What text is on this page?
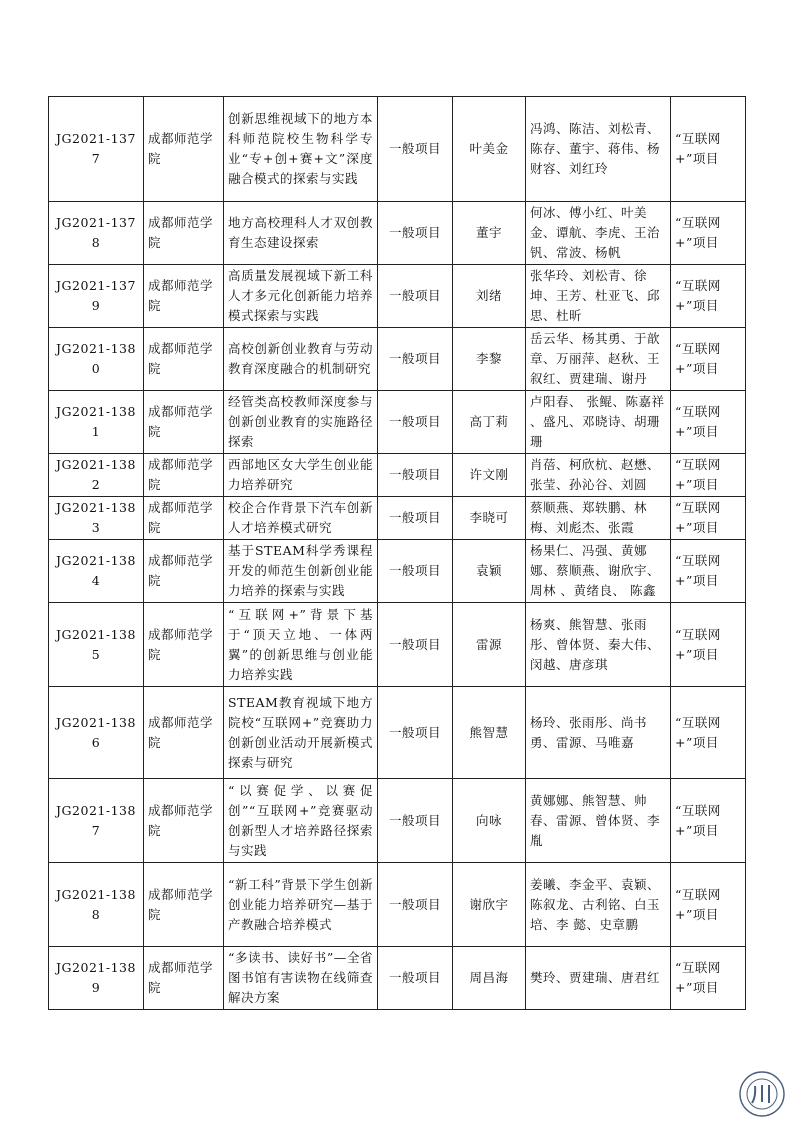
JG2021-1377	成都师范学院	创新思维视域下的地方本科师范院校生物科学专业“专+创+赛+文”深度融合模式的探索与实践	一般项目	叶美金	冯鸿、陈洁、刘松青、陈存、董宇、蒋伟、杨财容、刘红玲	“互联网+”项目
JG2021-1378	成都师范学院	地方高校理科人才双创教育生态建设探索	一般项目	董宇	何冰、傅小红、叶美金、谭航、李虎、王治钒、常波、杨帆	“互联网+”项目
JG2021-1379	成都师范学院	高质量发展视域下新工科人才多元化创新能力培养模式探索与实践	一般项目	刘绪	张华玲、刘松青、徐坤、王芳、杜亚飞、邱思、杜昕	“互联网+”项目
JG2021-1380	成都师范学院	高校创新创业教育与劳动教育深度融合的机制研究	一般项目	李黎	岳云华、杨其勇、于歆章、万丽萍、赵秋、王叙红、贾建瑞、谢丹	“互联网+”项目
JG2021-1381	成都师范学院	经管类高校教师深度参与创新创业教育的实施路径探索	一般项目	高丁莉	卢阳春、 张鲲、陈嘉祥 、盛凡、邓晓诗、胡珊珊	“互联网+”项目
JG2021-1382	成都师范学院	西部地区女大学生创业能力培养研究	一般项目	许文刚	肖蓓、柯欣杭、赵懋、张莹、孙沁谷、刘圆	“互联网+”项目
JG2021-1383	成都师范学院	校企合作背景下汽车创新人才培养模式研究	一般项目	李晓可	蔡顺燕、郑轶鹏、林梅、刘彪杰、张霞	“互联网+”项目
JG2021-1384	成都师范学院	基于STEAM科学秀课程开发的师范生创新创业能力培养的探索与实践	一般项目	袁颖	杨果仁、冯强、黄娜娜、蔡顺燕、谢欣宇、周林 、黄绪良、 陈鑫	“互联网+”项目
JG2021-1385	成都师范学院	“互联网+”背景下基于“顶天立地、一体两翼”的创新思维与创业能力培养实践	一般项目	雷源	杨爽、熊智慧、张雨彤、曾体贤、秦大伟、闵越、唐彦琪	“互联网+”项目
JG2021-1386	成都师范学院	STEAM教育视域下地方院校“互联网+”竞赛助力创新创业活动开展新模式探索与研究	一般项目	熊智慧	杨玲、张雨彤、尚书勇、雷源、马唯嘉	“互联网+”项目
JG2021-1387	成都师范学院	“以赛促学、以赛促创”“互联网+”竞赛驱动创新型人才培养路径探索与实践	一般项目	向咏	黄娜娜、熊智慧、帅春、雷源、曾体贤、李胤	“互联网+”项目
JG2021-1388	成都师范学院	“新工科”背景下学生创新创业能力培养研究—基于产教融合培养模式	一般项目	谢欣宇	姜曦、李金平、袁颖、陈叙龙、古利铭、白玉培、李 懿、史章鹏	“互联网+”项目
JG2021-1389	成都师范学院	“多读书、读好书”—全省图书馆有害读物在线筛查解决方案	一般项目	周昌海	樊玲、贾建瑞、唐君红	“互联网+”项目
